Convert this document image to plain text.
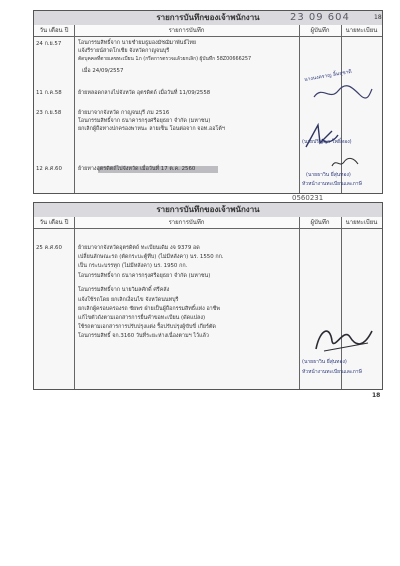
รายการบันทึกของเจ้าพนักงาน
วัน เดือน ปี	รายการบันทึก	ผู้บันทึก	นายทะเบียน
24 ก.ย.57	โอนกรรมสิทธิ์จาก นายชำยมธูมองมัชฌิมาพันธ์ไทย
แจ้งรีรายน์สาดโกเชีย จังหวัดกาญจนบุรี
ตัดบุคคลที่ตายเลขทะเบียน 1ภ (กรีดการตรวจแล้วยกเลิก) ผู้บันทึก 58Z00666257
เมื่อ 24/09/2557
11 ก.ค.58	ย้ายหลอดกลางไปจังหวัด อุตรดิตถ์ เมื่อวันที่ 11/09/2558
23 ก.ย.58	ย้ายมาจากจังหวัด กาญจนบุรี ภม 2516
โอนกรรมสิทธิ์จาก ธนาคารกรุงศรีอยุธยา จำกัด (มหาชน)
ยกเลิกผู้ถือทางปกครองพาหนะ ลายเซ็น โอนต่อจาก จอท.ออโต้ฯ
12 ค.ศ.60	ย้ายทางอุตรดิตถ์ไปจังหวัด เมื่อวันที่ 17 ต.ค. 2560
นางนงคราญ ลิ้มสุชาติ
(นายปริญญา โพธิ์ทอง)
(นายธาวิน ยี่สุ่นทอง)
หัวหน้างานทะเบียนและภาษี
23 09 604	18
0560231
รายการบันทึกของเจ้าพนักงาน
วัน เดือน ปี	รายการบันทึก	ผู้บันทึก	นายทะเบียน
25 ค.ศ.60	ย้ายมาจากจังหวัดอุตรดิตถ์ ทะเบียนเดิม งจ 9379 อด
เปลี่ยนลักษณะรถ (ตัดกระบะตู้ทึบ) (ไม่มีหลังคา) นร. 1550 กก.
เป็น กระบะบรรทุก (ไม่มีหลังคา) นร. 1950 กก.
โอนกรรมสิทธิ์จาก ธนาคารกรุงศรีอยุธยา จำกัด (มหาชน)
โอนกรรมสิทธิ์จาก นายวิมลศักดิ์ ศรีคลัง
แจ้งใช้รถโดย ยกเลิกเงื่อนไข จังหวัดนนทบุรี
ยกเลิกผู้ครอบครองรถ ชัยพร ฝ่ายเป็นผู้ถือกรรมสิทธิ์แห่ง อาชีพ
แก้ไขตัวถังตามเอกสารการยื่นคำขอทะเบียน (ดัดแปลง)
ใช้รถตามเอกสารการปรับปรุงแต่ง รื้อปรับปรุงผู้ขับขี่ เกียร์ตัด
โอนกรรมสิทธิ์ จก.3160 วันที่ระยะห่างเนื่องตามฯ ไว้แล้ว
(นายธาวิน ยี่สุ่นทอง)
หัวหน้างานทะเบียนและภาษี
18
